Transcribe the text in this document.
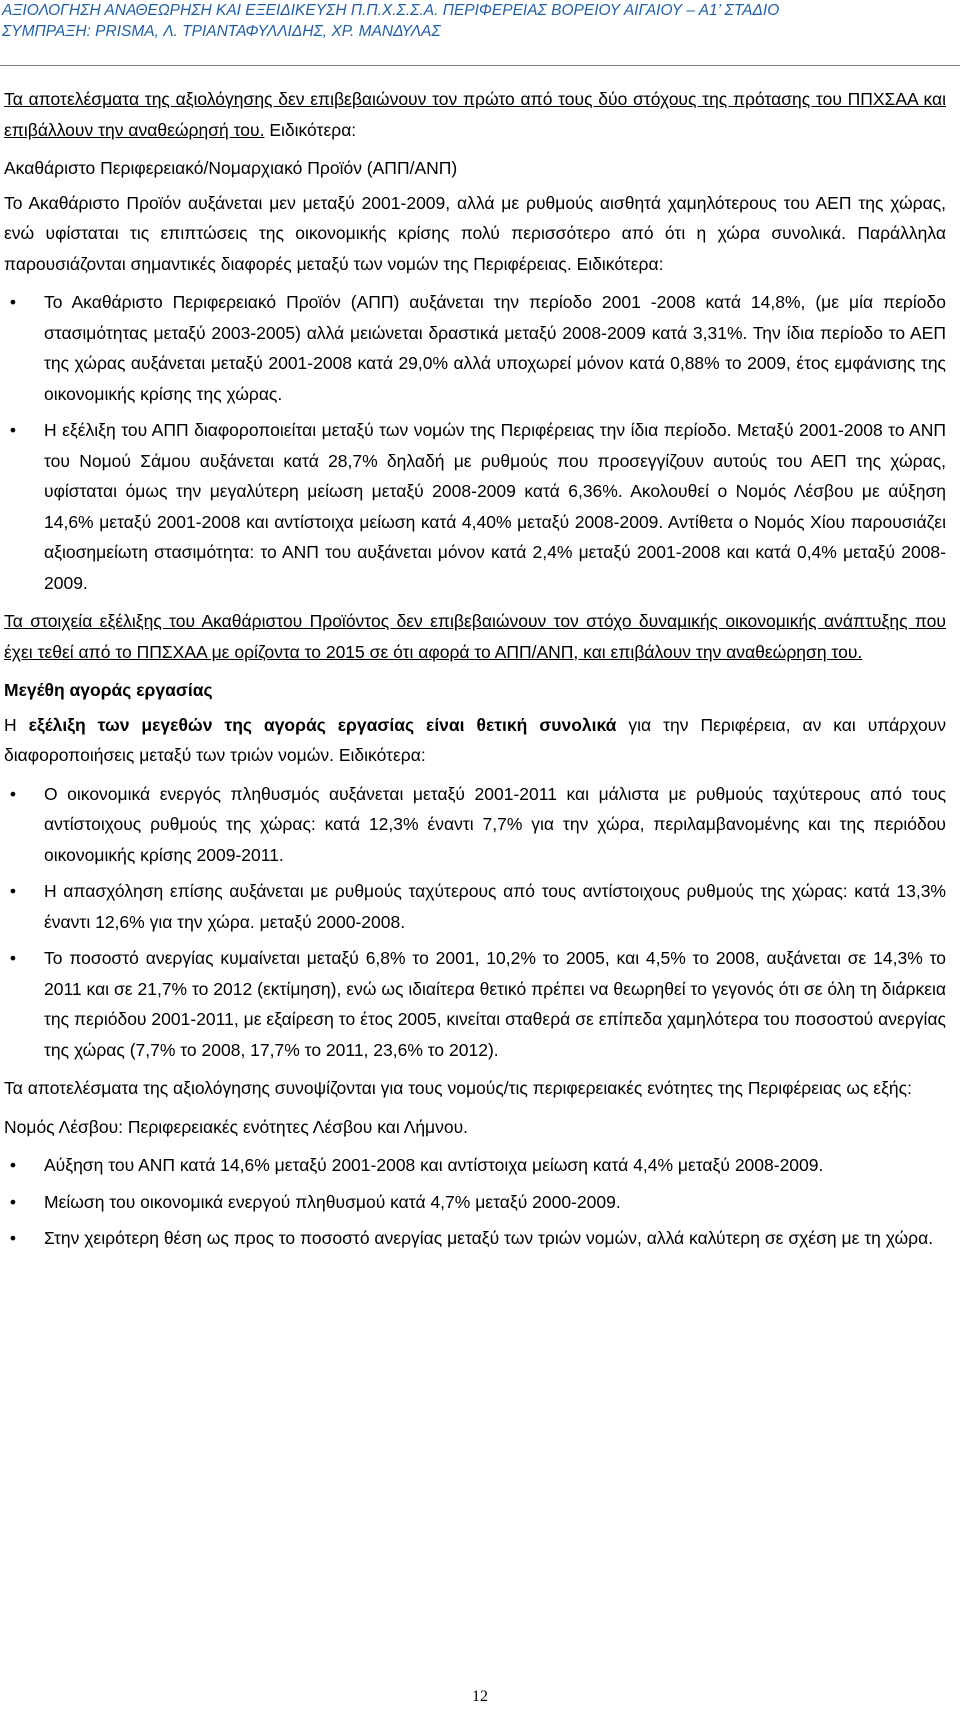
ΑΞΙΟΛΟΓΗΣΗ ΑΝΑΘΕΩΡΗΣΗ ΚΑΙ ΕΞΕΙΔΙΚΕΥΣΗ Π.Π.Χ.Σ.Σ.Α. ΠΕΡΙΦΕΡΕΙΑΣ ΒΟΡΕΙΟΥ ΑΙΓΑΙΟΥ – Α1’ ΣΤΑΔΙΟ
ΣΥΜΠΡΑΞΗ: PRISMA, Λ. ΤΡΙΑΝΤΑΦΥΛΛΙΔΗΣ, ΧΡ. ΜΑΝΔΥΛΑΣ

Τα αποτελέσματα της αξιολόγησης δεν επιβεβαιώνουν τον πρώτο από τους δύο στόχους της πρότασης του ΠΠΧΣΑΑ και επιβάλλουν την αναθεώρησή του. Ειδικότερα:

Ακαθάριστο Περιφερειακό/Νομαρχιακό Προϊόν (ΑΠΠ/ΑΝΠ)

Το Ακαθάριστο Προϊόν αυξάνεται μεν μεταξύ 2001-2009, αλλά με ρυθμούς αισθητά χαμηλότερους του ΑΕΠ της χώρας, ενώ υφίσταται τις επιπτώσεις της οικονομικής κρίσης πολύ περισσότερο από ότι η χώρα συνολικά. Παράλληλα παρουσιάζονται σημαντικές διαφορές μεταξύ των νομών της Περιφέρειας. Ειδικότερα:

• Το Ακαθάριστο Περιφερειακό Προϊόν (ΑΠΠ) αυξάνεται την περίοδο 2001 -2008 κατά 14,8%, (με μία περίοδο στασιμότητας μεταξύ 2003-2005) αλλά μειώνεται δραστικά μεταξύ 2008-2009 κατά 3,31%. Την ίδια περίοδο το ΑΕΠ της χώρας αυξάνεται μεταξύ 2001-2008 κατά 29,0% αλλά υποχωρεί μόνον κατά 0,88% το 2009, έτος εμφάνισης της οικονομικής κρίσης της χώρας.
• Η εξέλιξη του ΑΠΠ διαφοροποιείται μεταξύ των νομών της Περιφέρειας την ίδια περίοδο. Μεταξύ 2001-2008 το ΑΝΠ του Νομού Σάμου αυξάνεται κατά 28,7% δηλαδή με ρυθμούς που προσεγγίζουν αυτούς του ΑΕΠ της χώρας, υφίσταται όμως την μεγαλύτερη μείωση μεταξύ 2008-2009 κατά 6,36%. Ακολουθεί ο Νομός Λέσβου με αύξηση 14,6% μεταξύ 2001-2008 και αντίστοιχα μείωση κατά 4,40% μεταξύ 2008-2009. Αντίθετα ο Νομός Χίου παρουσιάζει αξιοσημείωτη στασιμότητα: το ΑΝΠ του αυξάνεται μόνον κατά 2,4% μεταξύ 2001-2008 και κατά 0,4% μεταξύ 2008-2009.

Τα στοιχεία εξέλιξης του Ακαθάριστου Προϊόντος δεν επιβεβαιώνουν τον στόχο δυναμικής οικονομικής ανάπτυξης που έχει τεθεί από το ΠΠΣΧΑΑ με ορίζοντα το 2015 σε ότι αφορά το ΑΠΠ/ΑΝΠ, και επιβάλουν την αναθεώρηση του.

Μεγέθη αγοράς εργασίας

Η εξέλιξη των μεγεθών της αγοράς εργασίας είναι θετική συνολικά για την Περιφέρεια, αν και υπάρχουν διαφοροποιήσεις μεταξύ των τριών νομών. Ειδικότερα:

• Ο οικονομικά ενεργός πληθυσμός αυξάνεται μεταξύ 2001-2011 και μάλιστα με ρυθμούς ταχύτερους από τους αντίστοιχους ρυθμούς της χώρας: κατά 12,3% έναντι 7,7% για την χώρα, περιλαμβανομένης και της περιόδου οικονομικής κρίσης 2009-2011.
• Η απασχόληση επίσης αυξάνεται με ρυθμούς ταχύτερους από τους αντίστοιχους ρυθμούς της χώρας: κατά 13,3% έναντι 12,6% για την χώρα. μεταξύ 2000-2008.
• Το ποσοστό ανεργίας κυμαίνεται μεταξύ 6,8% το 2001, 10,2% το 2005, και 4,5% το 2008, αυξάνεται σε 14,3% το 2011 και σε 21,7% το 2012 (εκτίμηση), ενώ ως ιδιαίτερα θετικό πρέπει να θεωρηθεί το γεγονός ότι σε όλη τη διάρκεια της περιόδου 2001-2011, με εξαίρεση το έτος 2005, κινείται σταθερά σε επίπεδα χαμηλότερα του ποσοστού ανεργίας της χώρας (7,7% το 2008, 17,7% το 2011, 23,6% το 2012).

Τα αποτελέσματα της αξιολόγησης συνοψίζονται για τους νομούς/τις περιφερειακές ενότητες της Περιφέρειας ως εξής:

Νομός Λέσβου: Περιφερειακές ενότητες Λέσβου και Λήμνου.

• Αύξηση του ΑΝΠ κατά 14,6% μεταξύ 2001-2008 και αντίστοιχα μείωση κατά 4,4% μεταξύ 2008-2009.
• Μείωση του οικονομικά ενεργού πληθυσμού κατά 4,7% μεταξύ 2000-2009.
• Στην χειρότερη θέση ως προς το ποσοστό ανεργίας μεταξύ των τριών νομών, αλλά καλύτερη σε σχέση με τη χώρα.
12
